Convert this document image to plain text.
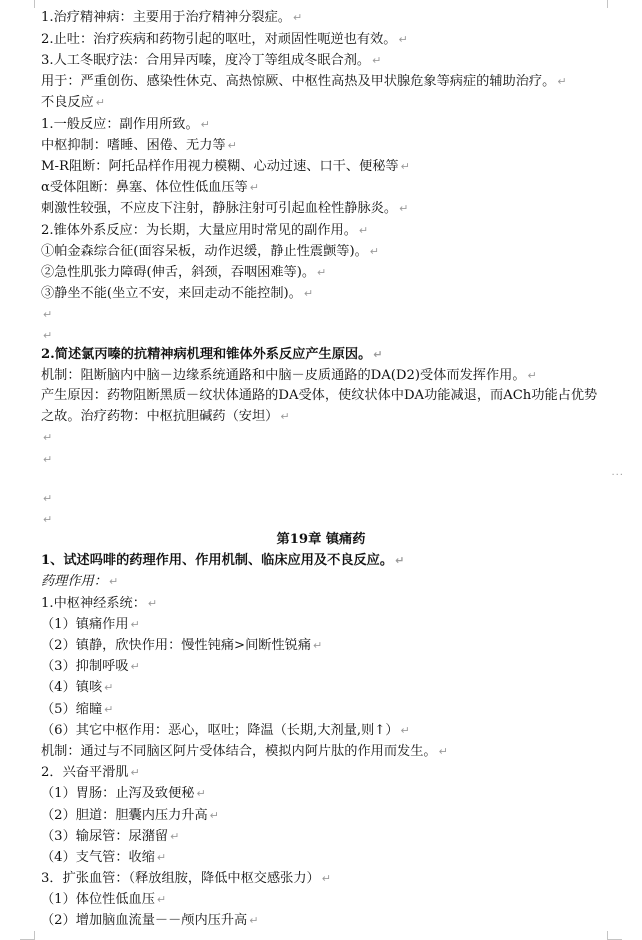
1.治疗精神病：主要用于治疗精神分裂症。 ↵
2.止吐：治疗疾病和药物引起的呕吐，对顽固性呃逆也有效。 ↵
3.人工冬眠疗法：合用异丙嗪，度冷丁等组成冬眠合剂。 ↵
用于：严重创伤、感染性休克、高热惊厥、中枢性高热及甲状腺危象等病症的辅助治疗。 ↵
不良反应 ↵
1.一般反应：副作用所致。 ↵
中枢抑制：嗜睡、困倦、无力等 ↵
M-R阻断：阿托品样作用视力模糊、心动过速、口干、便秘等 ↵
α受体阻断：鼻塞、体位性低血压等 ↵
刺激性较强，不应皮下注射，静脉注射可引起血栓性静脉炎。 ↵
2.锥体外系反应：为长期，大量应用时常见的副作用。 ↵
①帕金森综合征(面容呆板，动作迟缓，静止性震颤等)。 ↵
②急性肌张力障碍(伸舌，斜颈，吞咽困难等)。 ↵
③静坐不能(坐立不安，来回走动不能控制)。 ↵
↵
↵
2.简述氯丙嗪的抗精神病机理和锥体外系反应产生原因。 ↵
机制：阻断脑内中脑－边缘系统通路和中脑－皮质通路的DA(D2)受体而发挥作用。 ↵
产生原因：药物阻断黑质－纹状体通路的DA受体，使纹状体中DA功能减退，而ACh功能占优势之故。治疗药物：中枢抗胆碱药（安坦） ↵
↵
↵
···
↵
↵
第19章 镇痛药
1、试述吗啡的药理作用、作用机制、临床应用及不良反应。 ↵
药理作用： ↵
1.中枢神经系统： ↵
（1）镇痛作用 ↵
（2）镇静，欣快作用：慢性钝痛>间断性锐痛 ↵
（3）抑制呼吸 ↵
（4）镇咳 ↵
（5）缩瞳 ↵
（6）其它中枢作用：恶心，呕吐；降温（长期,大剂量,则↑） ↵
机制：通过与不同脑区阿片受体结合，模拟内阿片肽的作用而发生。 ↵
2．兴奋平滑肌 ↵
（1）胃肠：止泻及致便秘 ↵
（2）胆道：胆囊内压力升高 ↵
（3）输尿管：尿潴留 ↵
（4）支气管：收缩 ↵
3．扩张血管：（释放组胺，降低中枢交感张力） ↵
（1）体位性低血压 ↵
（2）增加脑血流量－－颅内压升高 ↵
